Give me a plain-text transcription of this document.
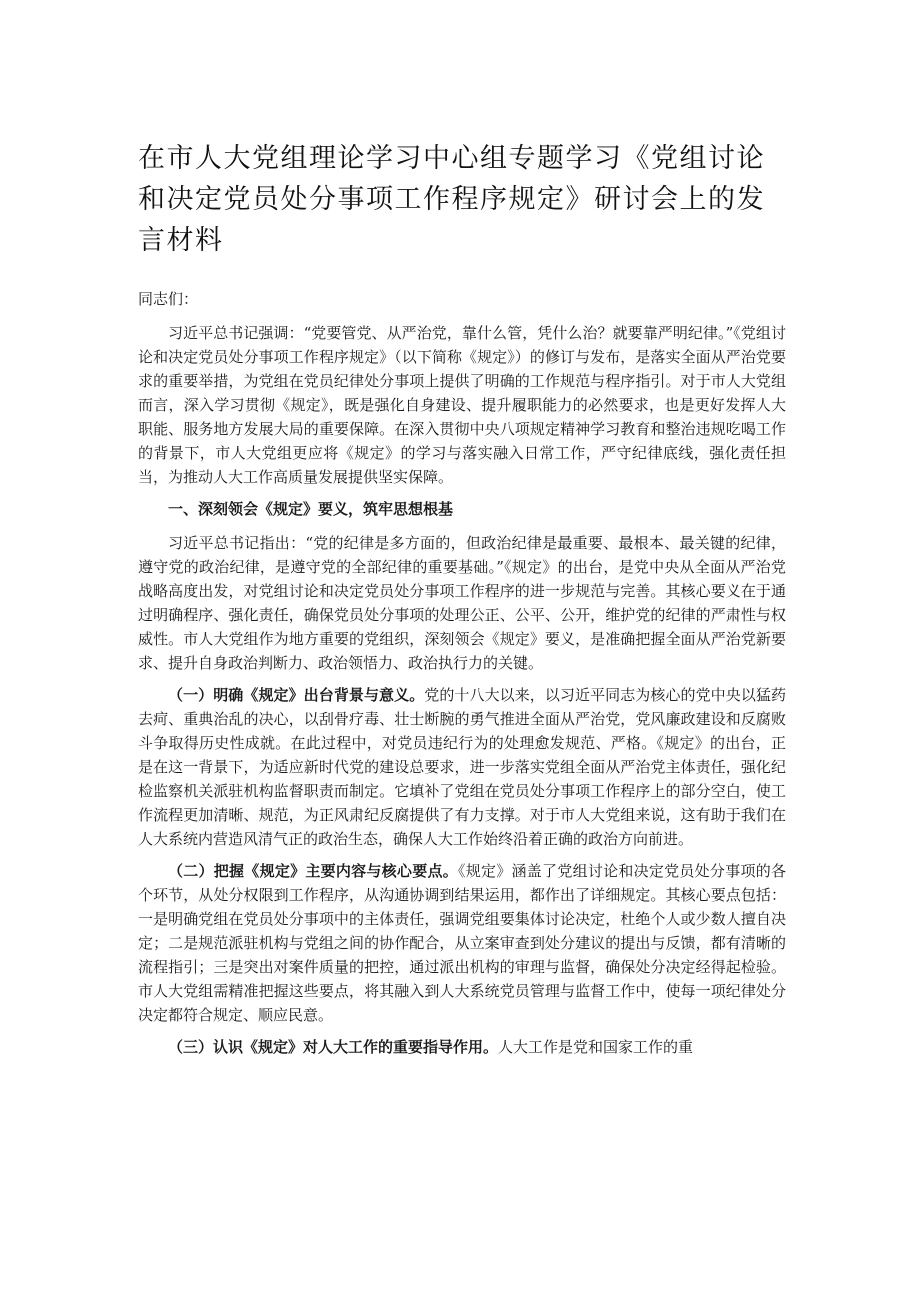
在市人大党组理论学习中心组专题学习《党组讨论和决定党员处分事项工作程序规定》研讨会上的发言材料
同志们：

习近平总书记强调：“党要管党、从严治党，靠什么管，凭什么治？就要靠严明纪律。”《党组讨论和决定党员处分事项工作程序规定》（以下简称《规定》）的修订与发布，是落实全面从严治党要求的重要举措，为党组在党员纪律处分事项上提供了明确的工作规范与程序指引。对于市人大党组而言，深入学习贯彻《规定》，既是强化自身建设、提升履职能力的必然要求，也是更好发挥人大职能、服务地方发展大局的重要保障。在深入贯彻中央八项规定精神学习教育和整治违规吃喝工作的背景下，市人大党组更应将《规定》的学习与落实融入日常工作，严守纪律底线，强化责任担当，为推动人大工作高质量发展提供坚实保障。

一、深刻领会《规定》要义，筑牢思想根基

习近平总书记指出：“党的纪律是多方面的，但政治纪律是最重要、最根本、最关键的纪律，遵守党的政治纪律，是遵守党的全部纪律的重要基础。”《规定》的出台，是党中央从全面从严治党战略高度出发，对党组讨论和决定党员处分事项工作程序的进一步规范与完善。其核心要义在于通过明确程序、强化责任，确保党员处分事项的处理公正、公平、公开，维护党的纪律的严肃性与权威性。市人大党组作为地方重要的党组织，深刻领会《规定》要义，是准确把握全面从严治党新要求、提升自身政治判断力、政治领悟力、政治执行力的关键。

（一）明确《规定》出台背景与意义。党的十八大以来，以习近平同志为核心的党中央以猛药去疴、重典治乱的决心，以刮骨疗毒、壮士断腕的勇气推进全面从严治党，党风廉政建设和反腐败斗争取得历史性成就。在此过程中，对党员违纪行为的处理愈发规范、严格。《规定》的出台，正是在这一背景下，为适应新时代党的建设总要求，进一步落实党组全面从严治党主体责任，强化纪检监察机关派驻机构监督职责而制定。它填补了党组在党员处分事项工作程序上的部分空白，使工作流程更加清晰、规范，为正风肃纪反腐提供了有力支撑。对于市人大党组来说，这有助于我们在人大系统内营造风清气正的政治生态，确保人大工作始终沿着正确的政治方向前进。

（二）把握《规定》主要内容与核心要点。《规定》涵盖了党组讨论和决定党员处分事项的各个环节，从处分权限到工作程序，从沟通协调到结果运用，都作出了详细规定。其核心要点包括：一是明确党组在党员处分事项中的主体责任，强调党组要集体讨论决定，杜绝个人或少数人擅自决定；二是规范派驻机构与党组之间的协作配合，从立案审查到处分建议的提出与反馈，都有清晰的流程指引；三是突出对案件质量的把控，通过派出机构的审理与监督，确保处分决定经得起检验。市人大党组需精准把握这些要点，将其融入到人大系统党员管理与监督工作中，使每一项纪律处分决定都符合规定、顺应民意。

（三）认识《规定》对人大工作的重要指导作用。人大工作是党和国家工作的重
